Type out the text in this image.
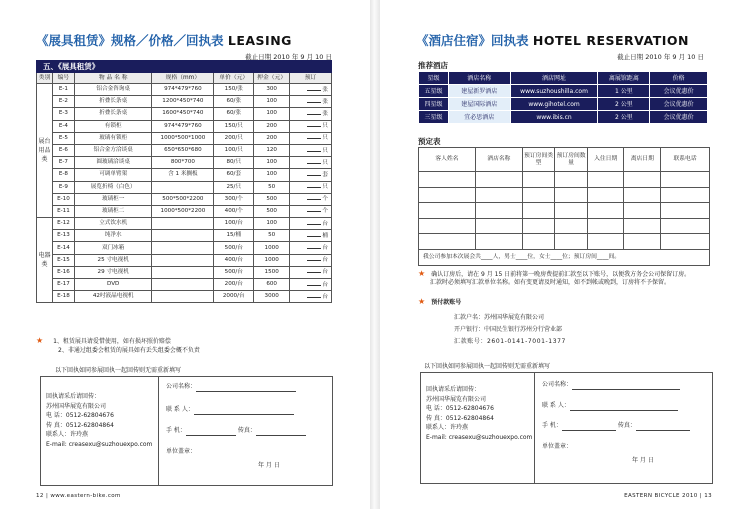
《展具租赁》规格／价格／回执表 LEASING
截止日期 2010 年 9 月 10 日
五、《展具租赁》						
类别	编号	物 品 名 称	规格（mm）	单价（元）	押金（元）	预订
展台用品类	E-1	铝合金咨询桌	974*479*760	150/张	300	张
	E-2	折叠长条桌	1200*450*740	60/张	100	张
	E-3	折叠长条桌	1600*450*740	60/张	100	张
	E-4	有锁柜	974*479*760	150/只	200	只
	E-5	玻璃有锁柜	1000*500*1000	200/只	200	只
	E-6	铝合金方洽谈桌	650*650*680	100/只	120	只
	E-7	圆玻璃洽谈桌	800*700	80/只	100	只
	E-8	可调单臂架	含 1 米搁板	60/套	100	套
	E-9	展览折椅（白色）		25/只	50	只
	E-10	玻璃柜一	500*500*2200	300/个	500	个
	E-11	玻璃柜二	1000*500*2200	400/个	500	个
电器类	E-12	立式饮水机		100/台	100	台
	E-13	纯净水		15/桶	50	桶
	E-14	双门冰箱		500/台	1000	台
	E-15	25 寸电视机		400/台	1000	台
	E-16	29 寸电视机		500/台	1500	台
	E-17	DVD		200/台	600	台
	E-18	42吋液晶电视机		2000/台	3000	台
★ 1、租赁展具请爱惜使用，如有损坏照价赔偿
2、非通过组委会租赁的展具如有丢失组委会概不负责
以下回执如同参展回执一起回传则无需重新填写
回执请采后请回传：
苏州国华展览有限公司
电 话：0512-62804676
传 真：0512-62804864
联系人：许玲燕
E-mail: creasexu@suzhouexpo.com
公司名称：
联 系 人：
手 机：	传真：
单位盖章：
年 月 日
12 | www.eastern-bike.com
《酒店住宿》回执表 HOTEL RESERVATION
截止日期 2010 年 9 月 10 日
推荐酒店
星级	酒店名称	酒店网址	离展馆距离	价格
五星级	建屋新罗酒店	www.suzhoushilla.com	1 公里	会议优惠价
四星级	建屋国际酒店	www.gihotel.com	2 公里	会议优惠价
三星级	宜必思酒店	www.ibis.cn	2 公里	会议优惠价
预定表
客人姓名	酒店名称	预订房间类型	预订房间数量	入住日期	离店日期	联系电话

我公司参加本次展会共____人，男士____位，女士____位；预订房间____间。						
★ 确认订房后，请在 9 月 15 日前将第一晚房费提前汇款至以下账号，以便我方务会公司保留订房。
汇款时必须填写汇款单位名称。如有变更请及时通知，如不到帐或晚到，订房将不予保留。
★ 预付款账号
汇款户名：苏州国华展览有限公司
开户银行：中国民生银行苏州分行营业部
汇款账号：2601-0141-7001-1377
以下回执如同参展回执一起回传则无需重新填写
回执请采后请回传：
苏州国华展览有限公司
电 话：0512-62804676
传 真：0512-62804864
联系人：许玲燕
E-mail: creasexu@suzhouexpo.com
公司名称：
联 系 人：
手 机：	传真：
单位盖章：
年 月 日
EASTERN BICYCLE 2010 | 13
